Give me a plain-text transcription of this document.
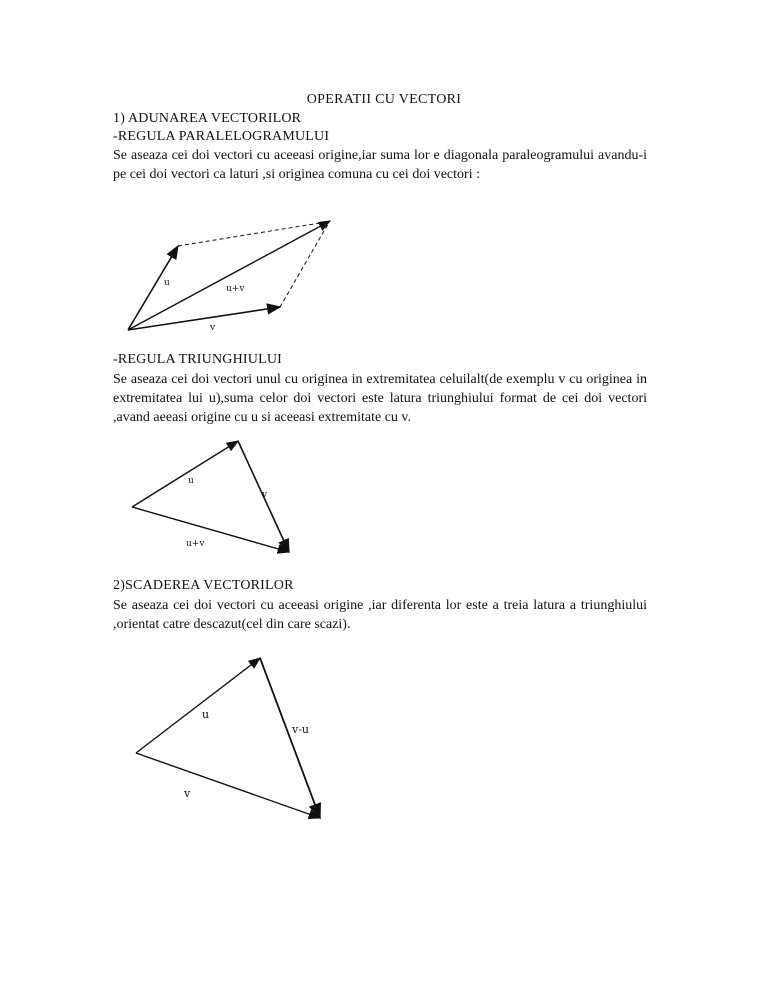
OPERATII CU VECTORI
1) ADUNAREA VECTORILOR
-REGULA PARALELOGRAMULUI

Se aseaza cei doi vectori cu aceeasi origine,iar suma lor e diagonala paraleogramului avandu-i pe cei doi vectori ca laturi ,si originea comuna cu cei doi vectori :

u
v
u+v
-REGULA TRIUNGHIULUI

Se aseaza cei doi vectori unul cu originea in extremitatea celuilalt(de exemplu v cu originea in extremitatea lui u),suma celor doi vectori este latura triunghiului format de cei doi vectori ,avand aeeasi origine cu u si aceeasi extremitate cu v.

u
v
u+v
2)SCADEREA VECTORILOR

Se aseaza cei doi vectori cu aceeasi origine ,iar diferenta lor este a treia latura a triunghiului ,orientat catre descazut(cel din care scazi).

u
v
v-u
